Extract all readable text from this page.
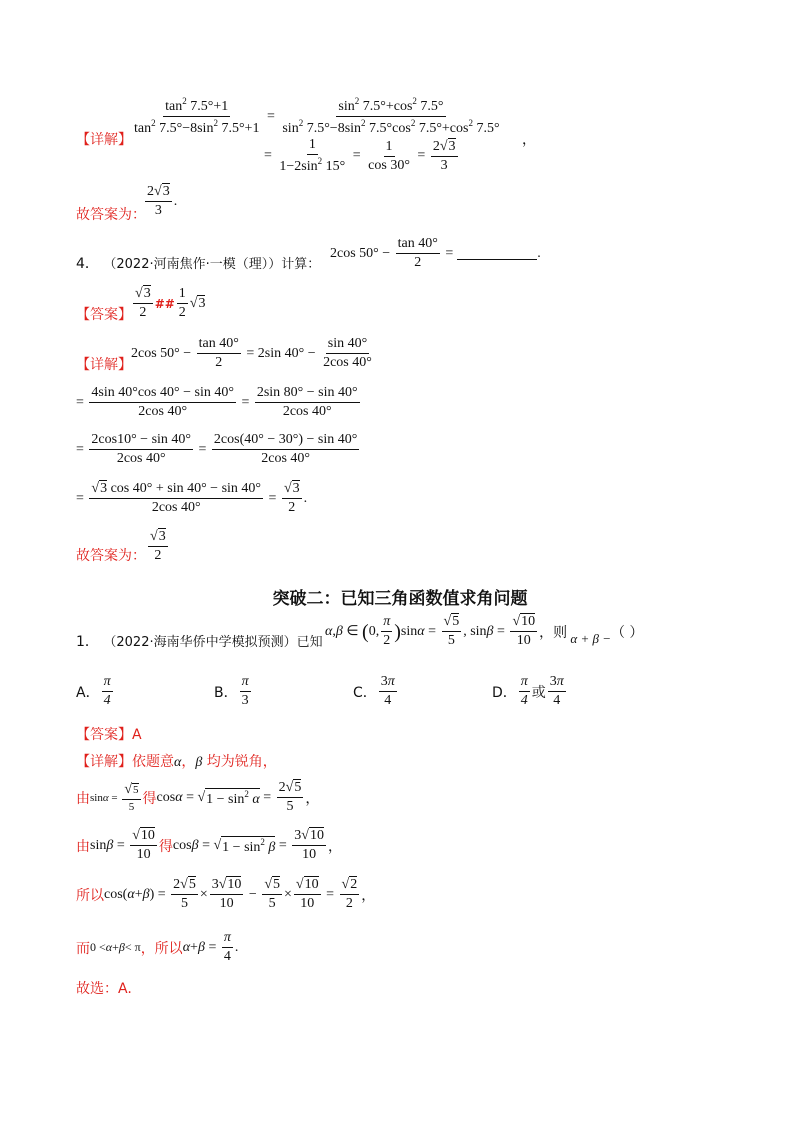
【详解】
$\frac{\tan^2 7.5^\circ+1}{\tan^2 7.5^\circ-8\sin^2 7.5^\circ+1} = \frac{\sin^2 7.5^\circ+\cos^2 7.5^\circ}{\sin^2 7.5^\circ-8\sin^2 7.5^\circ\cos^2 7.5^\circ+\cos^2 7.5^\circ}$
，
= $\frac{1}{1-2\sin^2 15^\circ} = \frac{1}{\cos 30^\circ} = \frac{2√3}{3}$
故答案为： $\frac{2√3}{3}$ .
4． （2022·河南焦作·一模（理））计算：
2cos $50^\circ - \frac{\tan 40^\circ}{2}$ =	.
【答案】 $\frac{√3}{2}$ ## $\frac{1}{2}$ √ 3
【详解】
2cos $50^\circ - \frac{\tan 40^\circ}{2} = 2\sin$ $40^\circ - \frac{\sin 40^\circ}{2\cos 40^\circ}$
= $\frac{4\sin 40^\circ\cos 40^\circ - \sin 40^\circ}{2\cos 40^\circ} = \frac{2\sin 80^\circ - \sin 40^\circ}{2\cos 40^\circ}$
= $\frac{2\cos 10^\circ - \sin 40^\circ}{2\cos 40^\circ} = \frac{2\cos(40^\circ - 30^\circ) - \sin 40^\circ}{2\cos 40^\circ}$
= $\frac{√3 \cos 40^\circ + \sin 40^\circ - \sin 40^\circ}{2\cos 40^\circ} = \frac{√3}{2}$ .
故答案为： $\frac{√3}{2}$
突破二：已知三角函数值求角问题
1． （2022·海南华侨中学模拟预测）已知
α , β ∈ ( 0, $\frac{\pi}{2}$ ) $\sin \alpha = \frac{√5}{5}$ , $\sin \beta = \frac{√10}{10}$ ，则 α + β − （ ）
A． $\frac{\pi}{4}$	B． $\frac{\pi}{3}$	C． $\frac{3\pi}{4}$	D． $\frac{\pi}{4}$ 或 $\frac{3\pi}{4}$
【答案】A
【详解】依题意α，β 均为锐角，
由 $\sin \alpha = \frac{√5}{5}$ 得 cos α = √ $1 - \sin^2 \alpha = \frac{2√5}{5}$ ，
由 $\sin \beta = \frac{√10}{10}$ 得 cos β = √ $1 - \sin^2 \beta = \frac{3√10}{10}$ ，
所以 cos( α + β ) = $\frac{2√5}{5} \times \frac{3√10}{10} - \frac{√5}{5} \times \frac{√10}{10} = \frac{√2}{2}$ ，
而 0 < α + β < π ，所以 $\alpha + \beta = \frac{\pi}{4}$ .
故选：A.
